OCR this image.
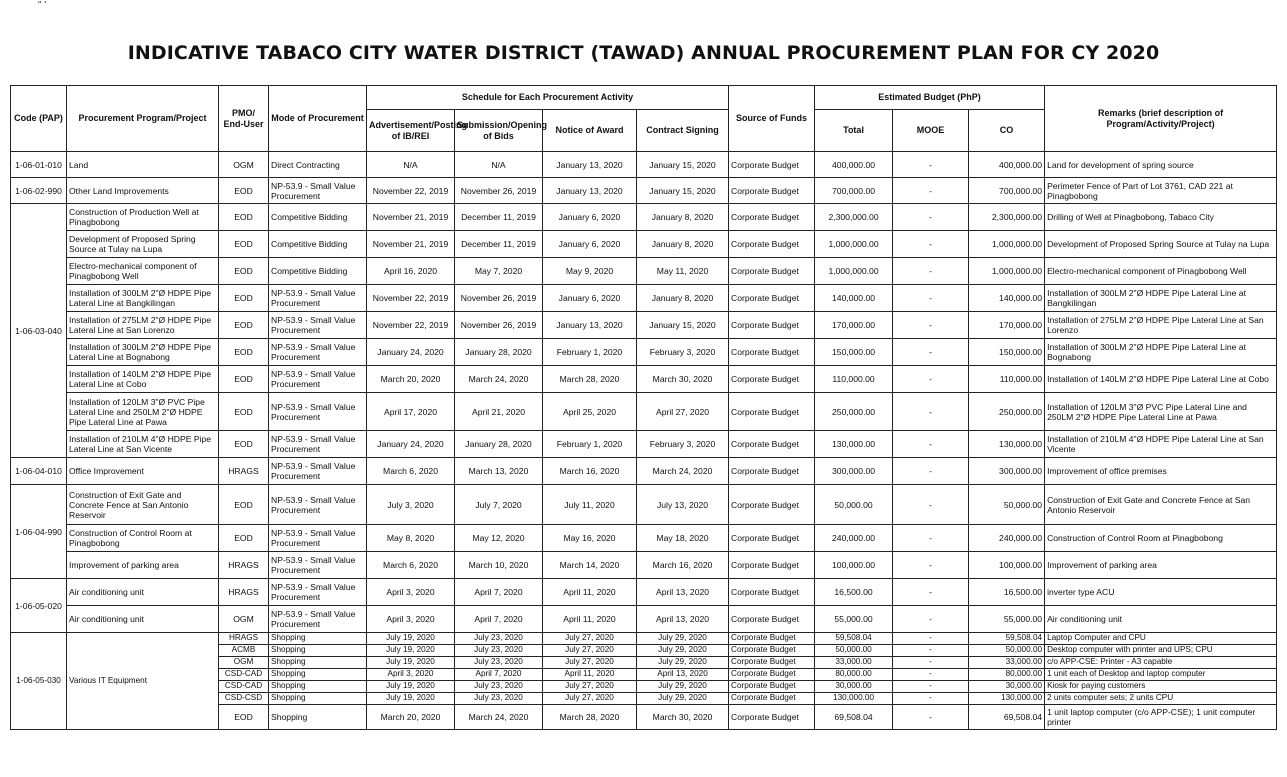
" '
INDICATIVE TABACO CITY WATER DISTRICT (TAWAD) ANNUAL PROCUREMENT PLAN FOR CY 2020
Code (PAP)	Procurement Program/Project	PMO/ End-User	Mode of Procurement	Schedule for Each Procurement Activity				Source of Funds	Estimated Budget (PhP)			Remarks (brief description of Program/Activity/Project)
				Advertisement/Posting of IB/REI	Submission/Opening of Bids	Notice of Award	Contract Signing		Total	MOOE	CO	
1-06-01-010	Land	OGM	Direct Contracting	N/A	N/A	January 13, 2020	January 15, 2020	Corporate Budget	400,000.00	-	400,000.00	Land for development of spring source
1-06-02-990	Other Land Improvements	EOD	NP-53.9 - Small Value Procurement	November 22, 2019	November 26, 2019	January 13, 2020	January 15, 2020	Corporate Budget	700,000.00	-	700,000.00	Perimeter Fence of Part of Lot 3761, CAD 221 at Pinagbobong
1-06-03-040	Construction of Production Well at Pinagbobong	EOD	Competitive Bidding	November 21, 2019	December 11, 2019	January 6, 2020	January 8, 2020	Corporate Budget	2,300,000.00	-	2,300,000.00	Drilling of Well at Pinagbobong, Tabaco City
	Development of Proposed Spring Source at Tulay na Lupa	EOD	Competitive Bidding	November 21, 2019	December 11, 2019	January 6, 2020	January 8, 2020	Corporate Budget	1,000,000.00	-	1,000,000.00	Development of Proposed Spring Source at Tulay na Lupa
	Electro-mechanical component of Pinagbobong Well	EOD	Competitive Bidding	April 16, 2020	May 7, 2020	May 9, 2020	May 11, 2020	Corporate Budget	1,000,000.00	-	1,000,000.00	Electro-mechanical component of Pinagbobong Well
	Installation of 300LM 2"Ø HDPE Pipe Lateral Line at Bangkilingan	EOD	NP-53.9 - Small Value Procurement	November 22, 2019	November 26, 2019	January 6, 2020	January 8, 2020	Corporate Budget	140,000.00	-	140,000.00	Installation of 300LM 2"Ø HDPE Pipe Lateral Line at Bangkilingan
	Installation of 275LM 2"Ø HDPE Pipe Lateral Line at San Lorenzo	EOD	NP-53.9 - Small Value Procurement	November 22, 2019	November 26, 2019	January 13, 2020	January 15, 2020	Corporate Budget	170,000.00	-	170,000.00	Installation of 275LM 2"Ø HDPE Pipe Lateral Line at San Lorenzo
	Installation of 300LM 2"Ø HDPE Pipe Lateral Line at Bognabong	EOD	NP-53.9 - Small Value Procurement	January 24, 2020	January 28, 2020	February 1, 2020	February 3, 2020	Corporate Budget	150,000.00	-	150,000.00	Installation of 300LM 2"Ø HDPE Pipe Lateral Line at Bognabong
	Installation of 140LM 2"Ø HDPE Pipe Lateral Line at Cobo	EOD	NP-53.9 - Small Value Procurement	March 20, 2020	March 24, 2020	March 28, 2020	March 30, 2020	Corporate Budget	110,000.00	-	110,000.00	Installation of 140LM 2"Ø HDPE Pipe Lateral Line at Cobo
	Installation of 120LM 3"Ø PVC Pipe Lateral Line and 250LM 2"Ø HDPE Pipe Lateral Line at Pawa	EOD	NP-53.9 - Small Value Procurement	April 17, 2020	April 21, 2020	April 25, 2020	April 27, 2020	Corporate Budget	250,000.00	-	250,000.00	Installation of 120LM 3"Ø PVC Pipe Lateral Line and 250LM 2"Ø HDPE Pipe Lateral Line at Pawa
	Installation of 210LM 4"Ø HDPE Pipe Lateral Line at San Vicente	EOD	NP-53.9 - Small Value Procurement	January 24, 2020	January 28, 2020	February 1, 2020	February 3, 2020	Corporate Budget	130,000.00	-	130,000.00	Installation of 210LM 4"Ø HDPE Pipe Lateral Line at San Vicente
1-06-04-010	Office Improvement	HRAGS	NP-53.9 - Small Value Procurement	March 6, 2020	March 13, 2020	March 16, 2020	March 24, 2020	Corporate Budget	300,000.00	-	300,000.00	Improvement of office premises
1-06-04-990	Construction of Exit Gate and Concrete Fence at San Antonio Reservoir	EOD	NP-53.9 - Small Value Procurement	July 3, 2020	July 7, 2020	July 11, 2020	July 13, 2020	Corporate Budget	50,000.00	-	50,000.00	Construction of Exit Gate and Concrete Fence at San Antonio Reservoir
	Construction of Control Room at Pinagbobong	EOD	NP-53.9 - Small Value Procurement	May 8, 2020	May 12, 2020	May 16, 2020	May 18, 2020	Corporate Budget	240,000.00	-	240,000.00	Construction of Control Room at Pinagbobong
	Improvement of parking area	HRAGS	NP-53.9 - Small Value Procurement	March 6, 2020	March 10, 2020	March 14, 2020	March 16, 2020	Corporate Budget	100,000.00	-	100,000.00	Improvement of parking area
1-06-05-020	Air conditioning unit	HRAGS	NP-53.9 - Small Value Procurement	April 3, 2020	April 7, 2020	April 11, 2020	April 13, 2020	Corporate Budget	16,500.00	-	16,500.00	inverter type ACU
	Air conditioning unit	OGM	NP-53.9 - Small Value Procurement	April 3, 2020	April 7, 2020	April 11, 2020	April 13, 2020	Corporate Budget	55,000.00	-	55,000.00	Air conditioning unit
1-06-05-030	Various IT Equipment	HRAGS	Shopping	July 19, 2020	July 23, 2020	July 27, 2020	July 29, 2020	Corporate Budget	59,508.04	-	59,508.04	Laptop Computer and CPU
		ACMB	Shopping	July 19, 2020	July 23, 2020	July 27, 2020	July 29, 2020	Corporate Budget	50,000.00	-	50,000.00	Desktop computer with printer and UPS; CPU
		OGM	Shopping	July 19, 2020	July 23, 2020	July 27, 2020	July 29, 2020	Corporate Budget	33,000.00	-	33,000.00	c/o APP-CSE: Printer - A3 capable
		CSD-CAD	Shopping	April 3, 2020	April 7, 2020	April 11, 2020	April 13, 2020	Corporate Budget	80,000.00	-	80,000.00	1 unit each of Desktop and laptop computer
		CSD-CAD	Shopping	July 19, 2020	July 23, 2020	July 27, 2020	July 29, 2020	Corporate Budget	30,000.00	-	30,000.00	Kiosk for paying customers
		CSD-CSD	Shopping	July 19, 2020	July 23, 2020	July 27, 2020	July 29, 2020	Corporate Budget	130,000.00	-	130,000.00	2 units computer sets; 2 units CPU
		EOD	Shopping	March 20, 2020	March 24, 2020	March 28, 2020	March 30, 2020	Corporate Budget	69,508.04	-	69,508.04	1 unit laptop computer (c/o APP-CSE); 1 unit computer printer
